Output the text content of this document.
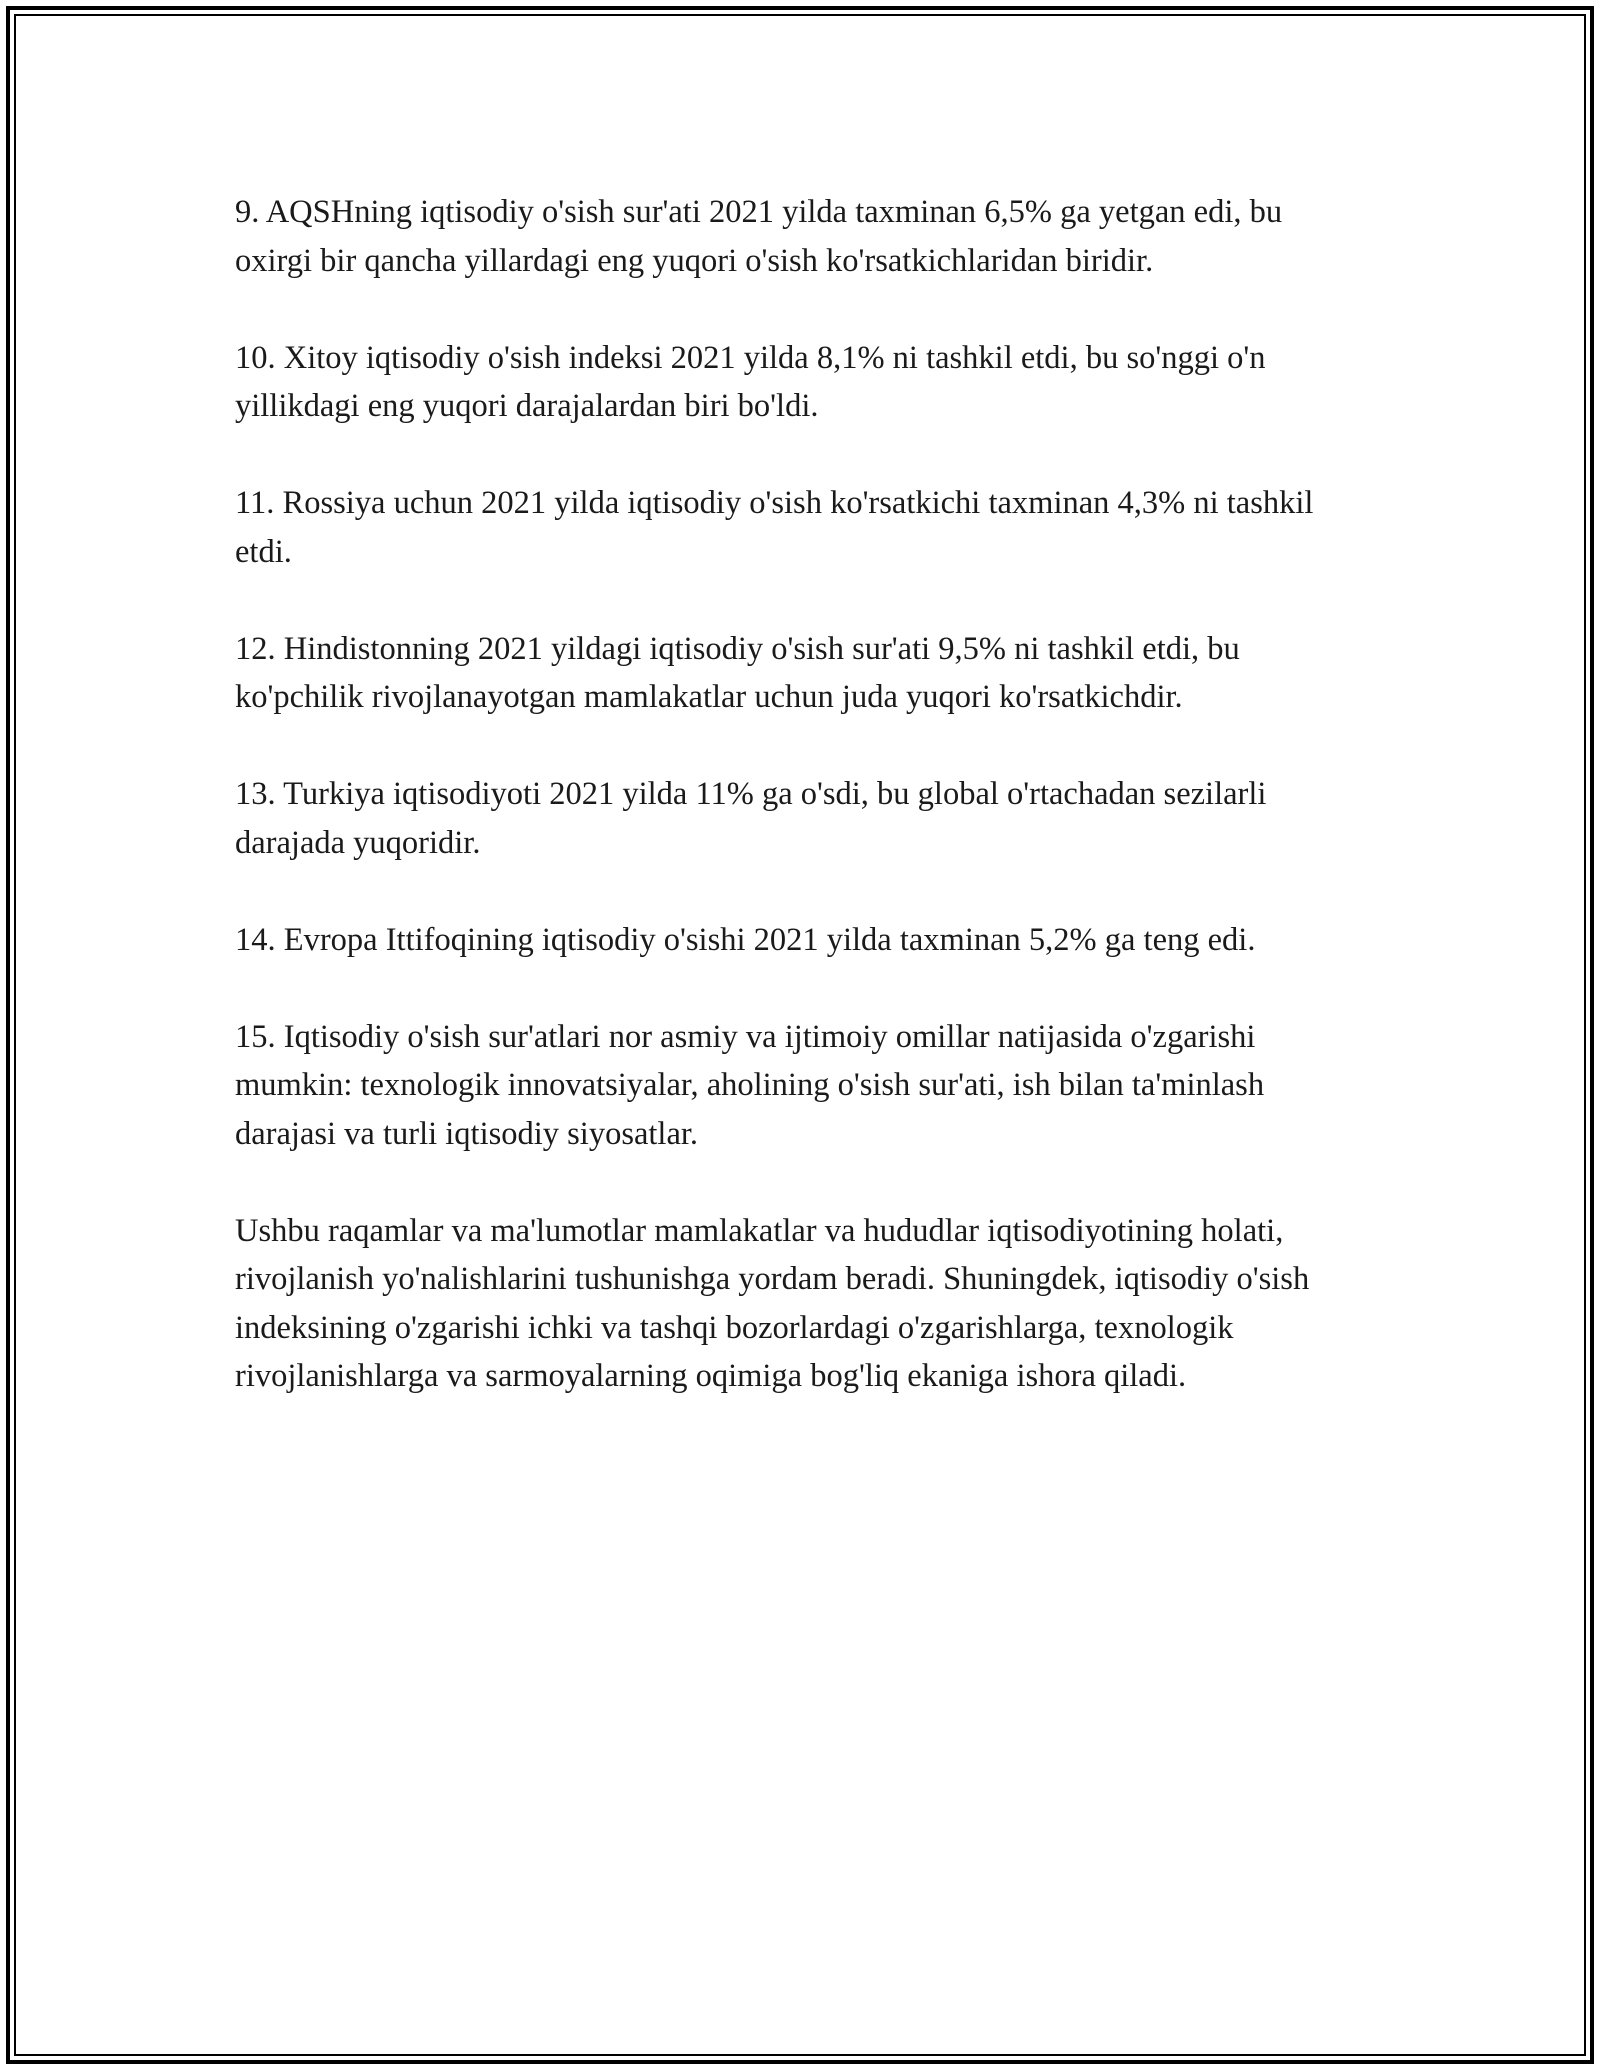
9. AQSHning iqtisodiy o'sish sur'ati 2021 yilda taxminan 6,5% ga yetgan edi, bu oxirgi bir qancha yillardagi eng yuqori o'sish ko'rsatkichlaridan biridir.

10. Xitoy iqtisodiy o'sish indeksi 2021 yilda 8,1% ni tashkil etdi, bu so'nggi o'n yillikdagi eng yuqori darajalardan biri bo'ldi.

11. Rossiya uchun 2021 yilda iqtisodiy o'sish ko'rsatkichi taxminan 4,3% ni tashkil etdi.

12. Hindistonning 2021 yildagi iqtisodiy o'sish sur'ati 9,5% ni tashkil etdi, bu ko'pchilik rivojlanayotgan mamlakatlar uchun juda yuqori ko'rsatkichdir.

13. Turkiya iqtisodiyoti 2021 yilda 11% ga o'sdi, bu global o'rtachadan sezilarli darajada yuqoridir.

14. Evropa Ittifoqining iqtisodiy o'sishi 2021 yilda taxminan 5,2% ga teng edi.

15. Iqtisodiy o'sish sur'atlari nor asmiy va ijtimoiy omillar natijasida o'zgarishi mumkin: texnologik innovatsiyalar, aholining o'sish sur'ati, ish bilan ta'minlash darajasi va turli iqtisodiy siyosatlar.

Ushbu raqamlar va ma'lumotlar mamlakatlar va hududlar iqtisodiyotining holati, rivojlanish yo'nalishlarini tushunishga yordam beradi. Shuningdek, iqtisodiy o'sish indeksining o'zgarishi ichki va tashqi bozorlardagi o'zgarishlarga, texnologik rivojlanishlarga va sarmoyalarning oqimiga bog'liq ekaniga ishora qiladi.
